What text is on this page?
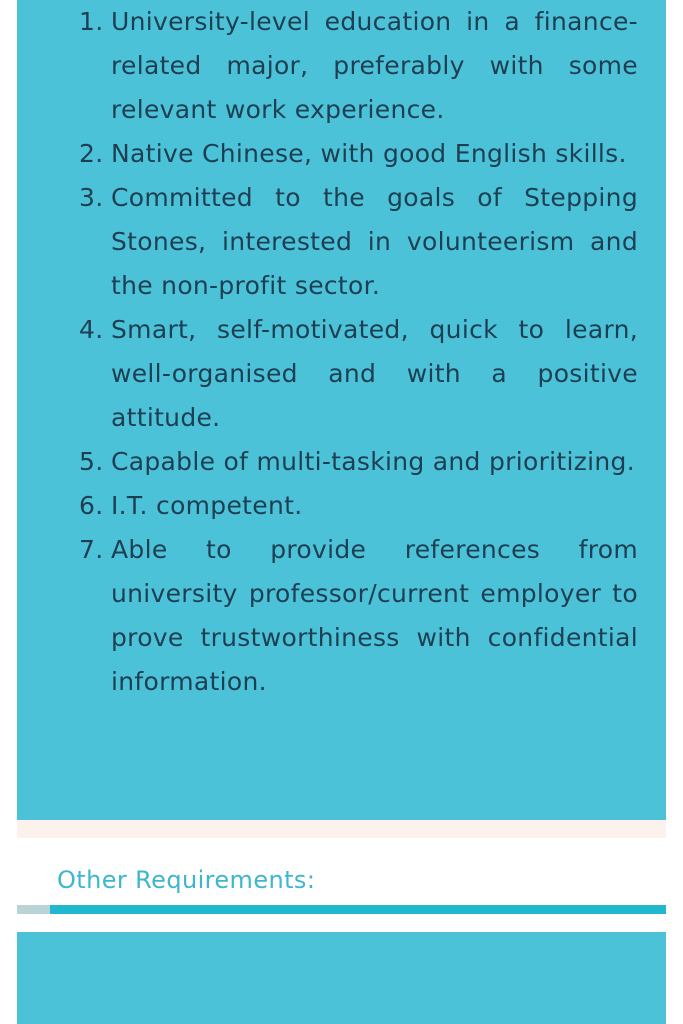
1. University-level education in a finance-related major, preferably with some relevant work experience.
2. Native Chinese, with good English skills.
3. Committed to the goals of Stepping Stones, interested in volunteerism and the non-profit sector.
4. Smart, self-motivated, quick to learn, well-organised and with a positive attitude.
5. Capable of multi-tasking and prioritizing.
6. I.T. competent.
7. Able to provide references from university professor/current employer to prove trustworthiness with confidential information.
Other Requirements:
